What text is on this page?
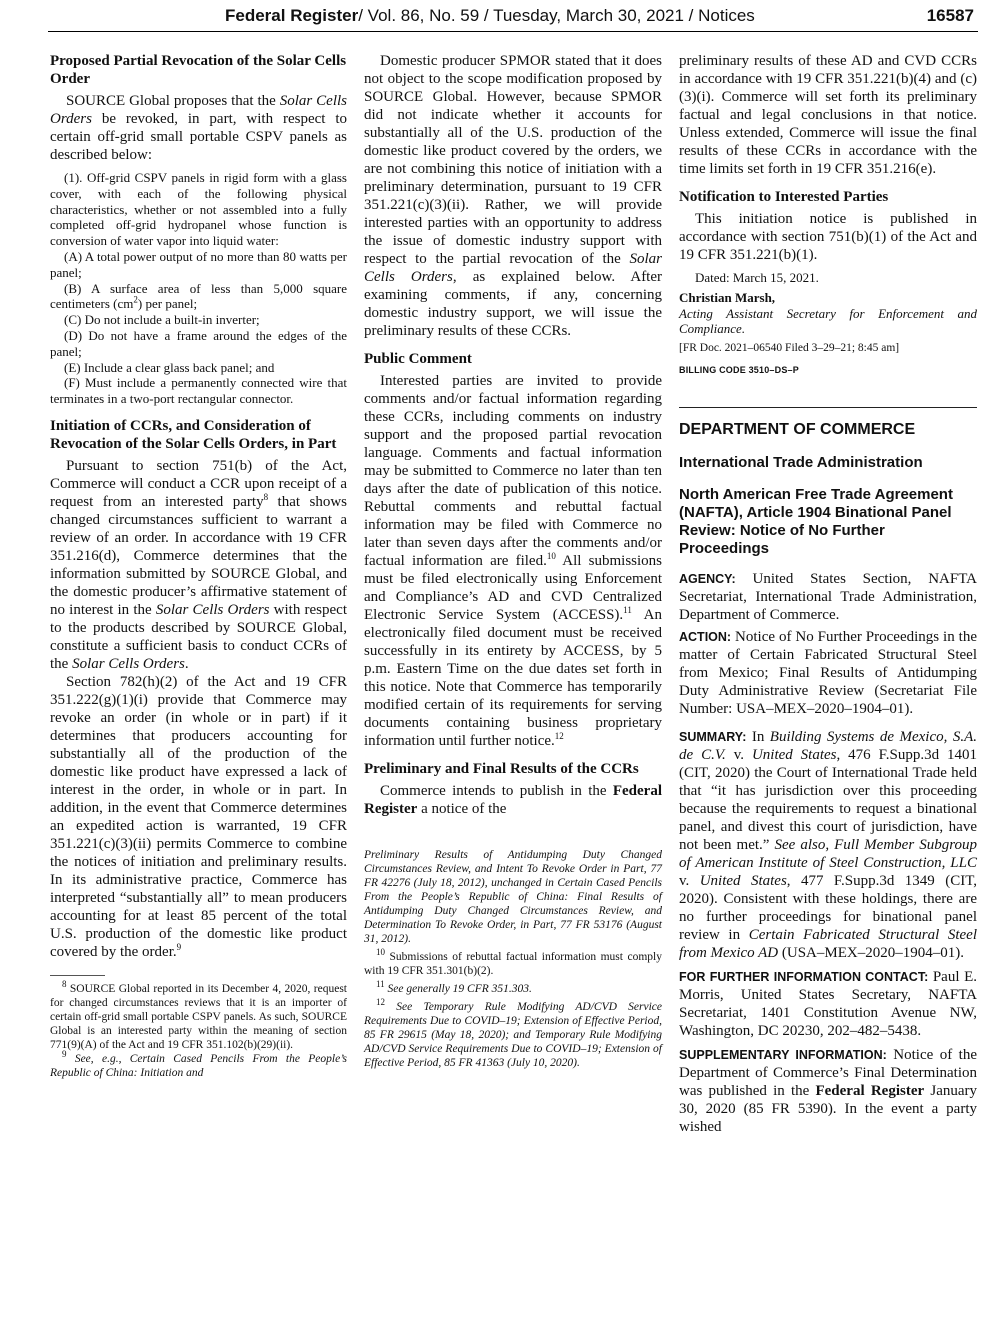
Federal Register/ Vol. 86, No. 59 / Tuesday, March 30, 2021 / Notices	16587
Proposed Partial Revocation of the Solar Cells Order

SOURCE Global proposes that the Solar Cells Orders be revoked, in part, with respect to certain off-grid small portable CSPV panels as described below:

(1). Off-grid CSPV panels in rigid form with a glass cover, with each of the following physical characteristics, whether or not assembled into a fully completed off-grid hydropanel whose function is conversion of water vapor into liquid water:

(A) A total power output of no more than 80 watts per panel;

(B) A surface area of less than 5,000 square centimeters $(cm^2)$ per panel;

(C) Do not include a built-in inverter;

(D) Do not have a frame around the edges of the panel;

(E) Include a clear glass back panel; and

(F) Must include a permanently connected wire that terminates in a two-port rectangular connector.

Initiation of CCRs, and Consideration of Revocation of the Solar Cells Orders, in Part

Pursuant to section 751(b) of the Act, Commerce will conduct a CCR upon receipt of a request from an interested party$^8$ that shows changed circumstances sufficient to warrant a review of an order. In accordance with 19 CFR 351.216(d), Commerce determines that the information submitted by SOURCE Global, and the domestic producer’s affirmative statement of no interest in the Solar Cells Orders with respect to the products described by SOURCE Global, constitute a sufficient basis to conduct CCRs of the Solar Cells Orders.

Section 782(h)(2) of the Act and 19 CFR 351.222(g)(1)(i) provide that Commerce may revoke an order (in whole or in part) if it determines that producers accounting for substantially all of the production of the domestic like product have expressed a lack of interest in the order, in whole or in part. In addition, in the event that Commerce determines an expedited action is warranted, 19 CFR 351.221(c)(3)(ii) permits Commerce to combine the notices of initiation and preliminary results. In its administrative practice, Commerce has interpreted “substantially all” to mean producers accounting for at least 85 percent of the total U.S. production of the domestic like product covered by the order.$^9$

$^8$ SOURCE Global reported in its December 4, 2020, request for changed circumstances reviews that it is an importer of certain off-grid small portable CSPV panels. As such, SOURCE Global is an interested party within the meaning of section 771(9)(A) of the Act and 19 CFR 351.102(b)(29)(ii).

$^9$ See, e.g., Certain Cased Pencils From the People’s Republic of China: Initiation and

Domestic producer SPMOR stated that it does not object to the scope modification proposed by SOURCE Global. However, because SPMOR did not indicate whether it accounts for substantially all of the U.S. production of the domestic like product covered by the orders, we are not combining this notice of initiation with a preliminary determination, pursuant to 19 CFR 351.221(c)(3)(ii). Rather, we will provide interested parties with an opportunity to address the issue of domestic industry support with respect to the partial revocation of the Solar Cells Orders, as explained below. After examining comments, if any, concerning domestic industry support, we will issue the preliminary results of these CCRs.

Public Comment

Interested parties are invited to provide comments and/or factual information regarding these CCRs, including comments on industry support and the proposed partial revocation language. Comments and factual information may be submitted to Commerce no later than ten days after the date of publication of this notice. Rebuttal comments and rebuttal factual information may be filed with Commerce no later than seven days after the comments and/or factual information are filed.$^{10}$ All submissions must be filed electronically using Enforcement and Compliance’s AD and CVD Centralized Electronic Service System (ACCESS).$^{11}$ An electronically filed document must be received successfully in its entirety by ACCESS, by 5 p.m. Eastern Time on the due dates set forth in this notice. Note that Commerce has temporarily modified certain of its requirements for serving documents containing business proprietary information until further notice.$^{12}$

Preliminary and Final Results of the CCRs

Commerce intends to publish in the Federal Register a notice of the

Preliminary Results of Antidumping Duty Changed Circumstances Review, and Intent To Revoke Order in Part, 77 FR 42276 (July 18, 2012), unchanged in Certain Cased Pencils From the People’s Republic of China: Final Results of Antidumping Duty Changed Circumstances Review, and Determination To Revoke Order, in Part, 77 FR 53176 (August 31, 2012).

$^{10}$ Submissions of rebuttal factual information must comply with 19 CFR 351.301(b)(2).

$^{11}$ See generally 19 CFR 351.303.

$^{12}$ See Temporary Rule Modifying AD/CVD Service Requirements Due to COVID–19; Extension of Effective Period, 85 FR 29615 (May 18, 2020); and Temporary Rule Modifying AD/CVD Service Requirements Due to COVID–19; Extension of Effective Period, 85 FR 41363 (July 10, 2020).

preliminary results of these AD and CVD CCRs in accordance with 19 CFR 351.221(b)(4) and (c)(3)(i). Commerce will set forth its preliminary factual and legal conclusions in that notice. Unless extended, Commerce will issue the final results of these CCRs in accordance with the time limits set forth in 19 CFR 351.216(e).

Notification to Interested Parties

This initiation notice is published in accordance with section 751(b)(1) of the Act and 19 CFR 351.221(b)(1).

Dated: March 15, 2021.

Christian Marsh,

Acting Assistant Secretary for Enforcement and Compliance.

[FR Doc. 2021–06540 Filed 3–29–21; 8:45 am]

BILLING CODE 3510–DS–P
DEPARTMENT OF COMMERCE
International Trade Administration
North American Free Trade Agreement (NAFTA), Article 1904 Binational Panel Review: Notice of No Further Proceedings

AGENCY: United States Section, NAFTA Secretariat, International Trade Administration, Department of Commerce.

ACTION: Notice of No Further Proceedings in the matter of Certain Fabricated Structural Steel from Mexico; Final Results of Antidumping Duty Administrative Review (Secretariat File Number: USA–MEX–2020–1904–01).

SUMMARY: In Building Systems de Mexico, S.A. de C.V. v. United States, 476 F.Supp.3d 1401 (CIT, 2020) the Court of International Trade held that “it has jurisdiction over this proceeding because the requirements to request a binational panel, and divest this court of jurisdiction, have not been met.” See also, Full Member Subgroup of American Institute of Steel Construction, LLC v. United States, 477 F.Supp.3d 1349 (CIT, 2020). Consistent with these holdings, there are no further proceedings for binational panel review in Certain Fabricated Structural Steel from Mexico AD (USA–MEX–2020–1904–01).

FOR FURTHER INFORMATION CONTACT: Paul E. Morris, United States Secretary, NAFTA Secretariat, 1401 Constitution Avenue NW, Washington, DC 20230, 202–482–5438.

SUPPLEMENTARY INFORMATION: Notice of the Department of Commerce’s Final Determination was published in the Federal Register January 30, 2020 (85 FR 5390). In the event a party wished
